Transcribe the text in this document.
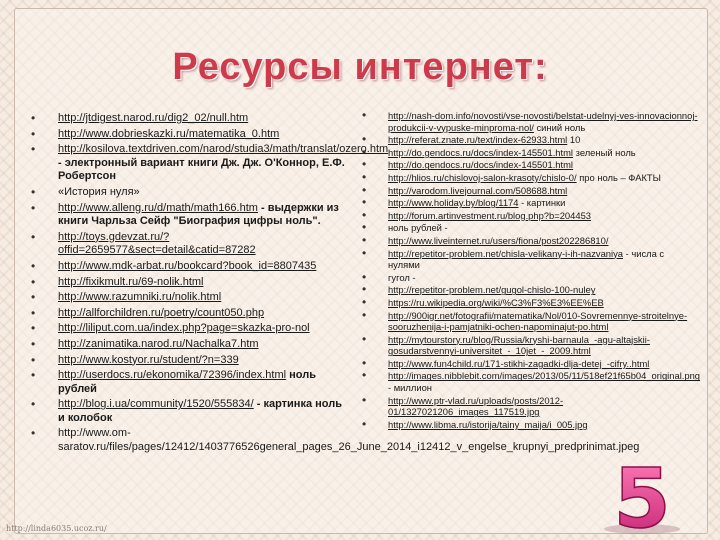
Ресурсы интернет:
• http://jtdigest.narod.ru/dig2_02/null.htm
• http://www.dobrieskazki.ru/matematika_0.htm
• http://kosilova.textdriven.com/narod/studia3/math/translat/ozero.htm - электронный вариант книги Дж. Дж. О'Коннор, Е.Ф. Робертсон
• «История нуля»
• http://www.alleng.ru/d/math/math166.htm - выдержки из книги Чарльза Сейф "Биография цифры ноль".
• http://toys.gdevzat.ru/?offid=2659577&sect=detail&catid=87282
• http://www.mdk-arbat.ru/bookcard?book_id=8807435
• http://fixikmult.ru/69-nolik.html
• http://www.razumniki.ru/nolik.html
• http://allforchildren.ru/poetry/count050.php
• http://liliput.com.ua/index.php?page=skazka-pro-nol
• http://zanimatika.narod.ru/Nachalka7.htm
• http://www.kostyor.ru/student/?n=339
• http://userdocs.ru/ekonomika/72396/index.html ноль рублей
• http://blog.i.ua/community/1520/555834/ - картинка ноль и колобок
• http://www.om-saratov.ru/files/pages/12412/1403776526general_pages_26_June_2014_i12412_v_engelse_krupnyi_predprinimat.jpeg
• http://nash-dom.info/novosti/vse-novosti/belstat-udelnyj-ves-innovacionnoj-produkcii-v-vypuske-minproma-nol/ синий ноль
• http://referat.znate.ru/text/index-62933.html 10
• http://do.gendocs.ru/docs/index-145501.html зеленый ноль
• http://do.gendocs.ru/docs/index-145501.html
• http://hlios.ru/chislovoj-salon-krasoty/chislo-0/ про ноль – ФАКТЫ
• http://varodom.livejournal.com/508688.html
• http://www.holiday.by/blog/1174 - картинки
• http://forum.artinvestment.ru/blog.php?b=204453
• ноль рублей -
• http://www.liveinternet.ru/users/fiona/post202286810/
• http://repetitor-problem.net/chisla-velikany-i-ih-nazvaniya - числа с нулями
• гугол -
• http://repetitor-problem.net/gugol-chislo-100-nuley
• https://ru.wikipedia.org/wiki/%C3%F3%E3%EE%EB
• http://900igr.net/fotografii/matematika/Nol/010-Sovremennye-stroitelnye-sooruzhenija-i-pamjatniki-ochen-napominajut-po.html
• http://mytourstory.ru/blog/Russia/kryshi-barnaula_-agu-altajskii-gosudarstvennyi-universitet_-_10jet_-_2009.html
• http://www.fun4child.ru/171-stikhi-zagadki-dlja-detej_-cifry..html
• http://images.nibblebit.com/images/2013/05/11/518ef21f65b04_original.png - миллион
• http://www.ptr-vlad.ru/uploads/posts/2012-01/1327021206_images_117519.jpg
• http://www.libma.ru/istorija/tainy_maija/i_005.jpg
http://linda6035.ucoz.ru/	5
